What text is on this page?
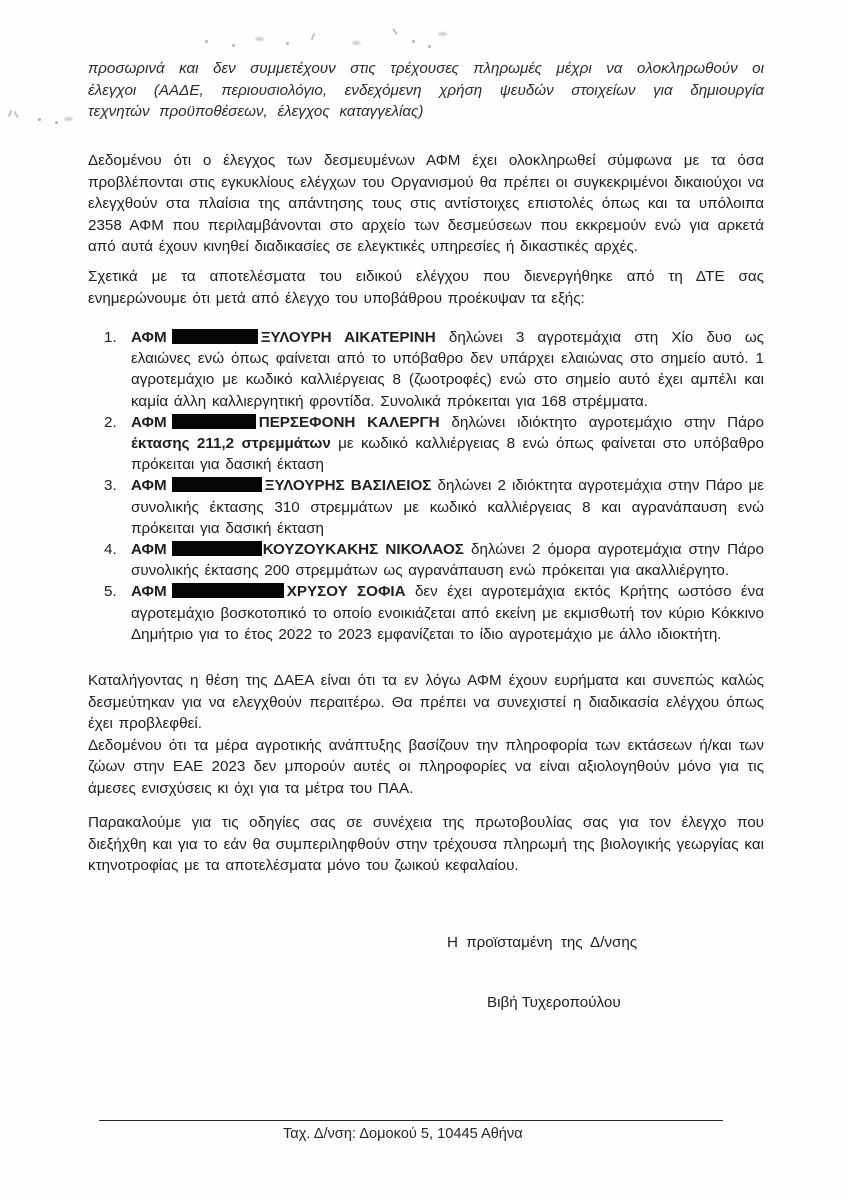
προσωρινά και δεν συμμετέχουν στις τρέχουσες πληρωμές μέχρι να ολοκληρωθούν οι έλεγχοι (ΑΑΔΕ, περιουσιολόγιο, ενδεχόμενη χρήση ψευδών στοιχείων για δημιουργία τεχνητών προϋποθέσεων, έλεγχος καταγγελίας)
Δεδομένου ότι ο έλεγχος των δεσμευμένων ΑΦΜ έχει ολοκληρωθεί σύμφωνα με τα όσα προβλέπονται στις εγκυκλίους ελέγχων του Οργανισμού θα πρέπει οι συγκεκριμένοι δικαιούχοι να ελεγχθούν στα πλαίσια της απάντησης τους στις αντίστοιχες επιστολές όπως και τα υπόλοιπα 2358 ΑΦΜ που περιλαμβάνονται στο αρχείο των δεσμεύσεων που εκκρεμούν ενώ για αρκετά από αυτά έχουν κινηθεί διαδικασίες σε ελεγκτικές υπηρεσίες ή δικαστικές αρχές.
Σχετικά με τα αποτελέσματα του ειδικού ελέγχου που διενεργήθηκε από τη ΔΤΕ σας ενημερώνουμε ότι μετά από έλεγχο του υποβάθρου προέκυψαν τα εξής:
1. ΑΦΜ	ΞΥΛΟΥΡΗ ΑΙΚΑΤΕΡΙΝΗ δηλώνει 3 αγροτεμάχια στη Χίο δυο ως ελαιώνες ενώ όπως φαίνεται από το υπόβαθρο δεν υπάρχει ελαιώνας στο σημείο αυτό. 1 αγροτεμάχιο με κωδικό καλλιέργειας 8 (ζωοτροφές) ενώ στο σημείο αυτό έχει αμπέλι και καμία άλλη καλλιεργητική φροντίδα. Συνολικά πρόκειται για 168 στρέμματα.
2. ΑΦΜ	ΠΕΡΣΕΦΟΝΗ ΚΑΛΕΡΓΗ δηλώνει ιδιόκτητο αγροτεμάχιο στην Πάρο έκτασης 211,2 στρεμμάτων με κωδικό καλλιέργειας 8 ενώ όπως φαίνεται στο υπόβαθρο πρόκειται για δασική έκταση
3. ΑΦΜ	ΞΥΛΟΥΡΗΣ ΒΑΣΙΛΕΙΟΣ δηλώνει 2 ιδιόκτητα αγροτεμάχια στην Πάρο με συνολικής έκτασης 310 στρεμμάτων με κωδικό καλλιέργειας 8 και αγρανάπαυση ενώ πρόκειται για δασική έκταση
4. ΑΦΜ	ΚΟΥΖΟΥΚΑΚΗΣ ΝΙΚΟΛΑΟΣ δηλώνει 2 όμορα αγροτεμάχια στην Πάρο συνολικής έκτασης 200 στρεμμάτων ως αγρανάπαυση ενώ πρόκειται για ακαλλιέργητο.
5. ΑΦΜ	ΧΡΥΣΟΥ ΣΟΦΙΑ δεν έχει αγροτεμάχια εκτός Κρήτης ωστόσο ένα αγροτεμάχιο βοσκοτοπικό το οποίο ενοικιάζεται από εκείνη με εκμισθωτή τον κύριο Κόκκινο Δημήτριο για το έτος 2022 το 2023 εμφανίζεται το ίδιο αγροτεμάχιο με άλλο ιδιοκτήτη.
Καταλήγοντας η θέση της ΔΑΕΑ είναι ότι τα εν λόγω ΑΦΜ έχουν ευρήματα και συνεπώς καλώς δεσμεύτηκαν για να ελεγχθούν περαιτέρω. Θα πρέπει να συνεχιστεί η διαδικασία ελέγχου όπως έχει προβλεφθεί.
Δεδομένου ότι τα μέρα αγροτικής ανάπτυξης βασίζουν την πληροφορία των εκτάσεων ή/και των ζώων στην ΕΑΕ 2023 δεν μπορούν αυτές οι πληροφορίες να είναι αξιολογηθούν μόνο για τις άμεσες ενισχύσεις κι όχι για τα μέτρα του ΠΑΑ.
Παρακαλούμε για τις οδηγίες σας σε συνέχεια της πρωτοβουλίας σας για τον έλεγχο που διεξήχθη και για το εάν θα συμπεριληφθούν στην τρέχουσα πληρωμή της βιολογικής γεωργίας και κτηνοτροφίας με τα αποτελέσματα μόνο του ζωικού κεφαλαίου.
Η προϊσταμένη της Δ/νσης
Βιβή Τυχεροπούλου
Ταχ. Δ/νση: Δομοκού 5, 10445 Αθήνα
